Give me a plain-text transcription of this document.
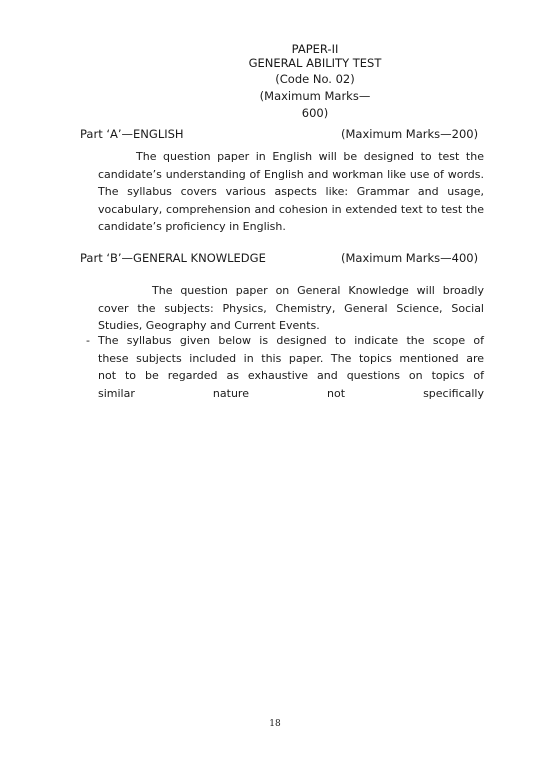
PAPER-II
GENERAL ABILITY TEST
(Code No. 02)
(Maximum Marks—
600)
Part ‘A’—ENGLISH	(Maximum Marks—200)

The question paper in English will be designed to test the candidate’s understanding of English and workman like use of words. The syllabus covers various aspects like: Grammar and usage, vocabulary, comprehension and cohesion in extended text to test the candidate’s proficiency in English.

Part ‘B’—GENERAL KNOWLEDGE	(Maximum Marks—400)

The question paper on General Knowledge will broadly cover the subjects: Physics, Chemistry, General Science, Social Studies, Geography and Current Events.

- The syllabus given below is designed to indicate the scope of
these subjects included in this paper. The topics mentioned are
not to be regarded as exhaustive and questions on topics of
similar nature not specifically
18
